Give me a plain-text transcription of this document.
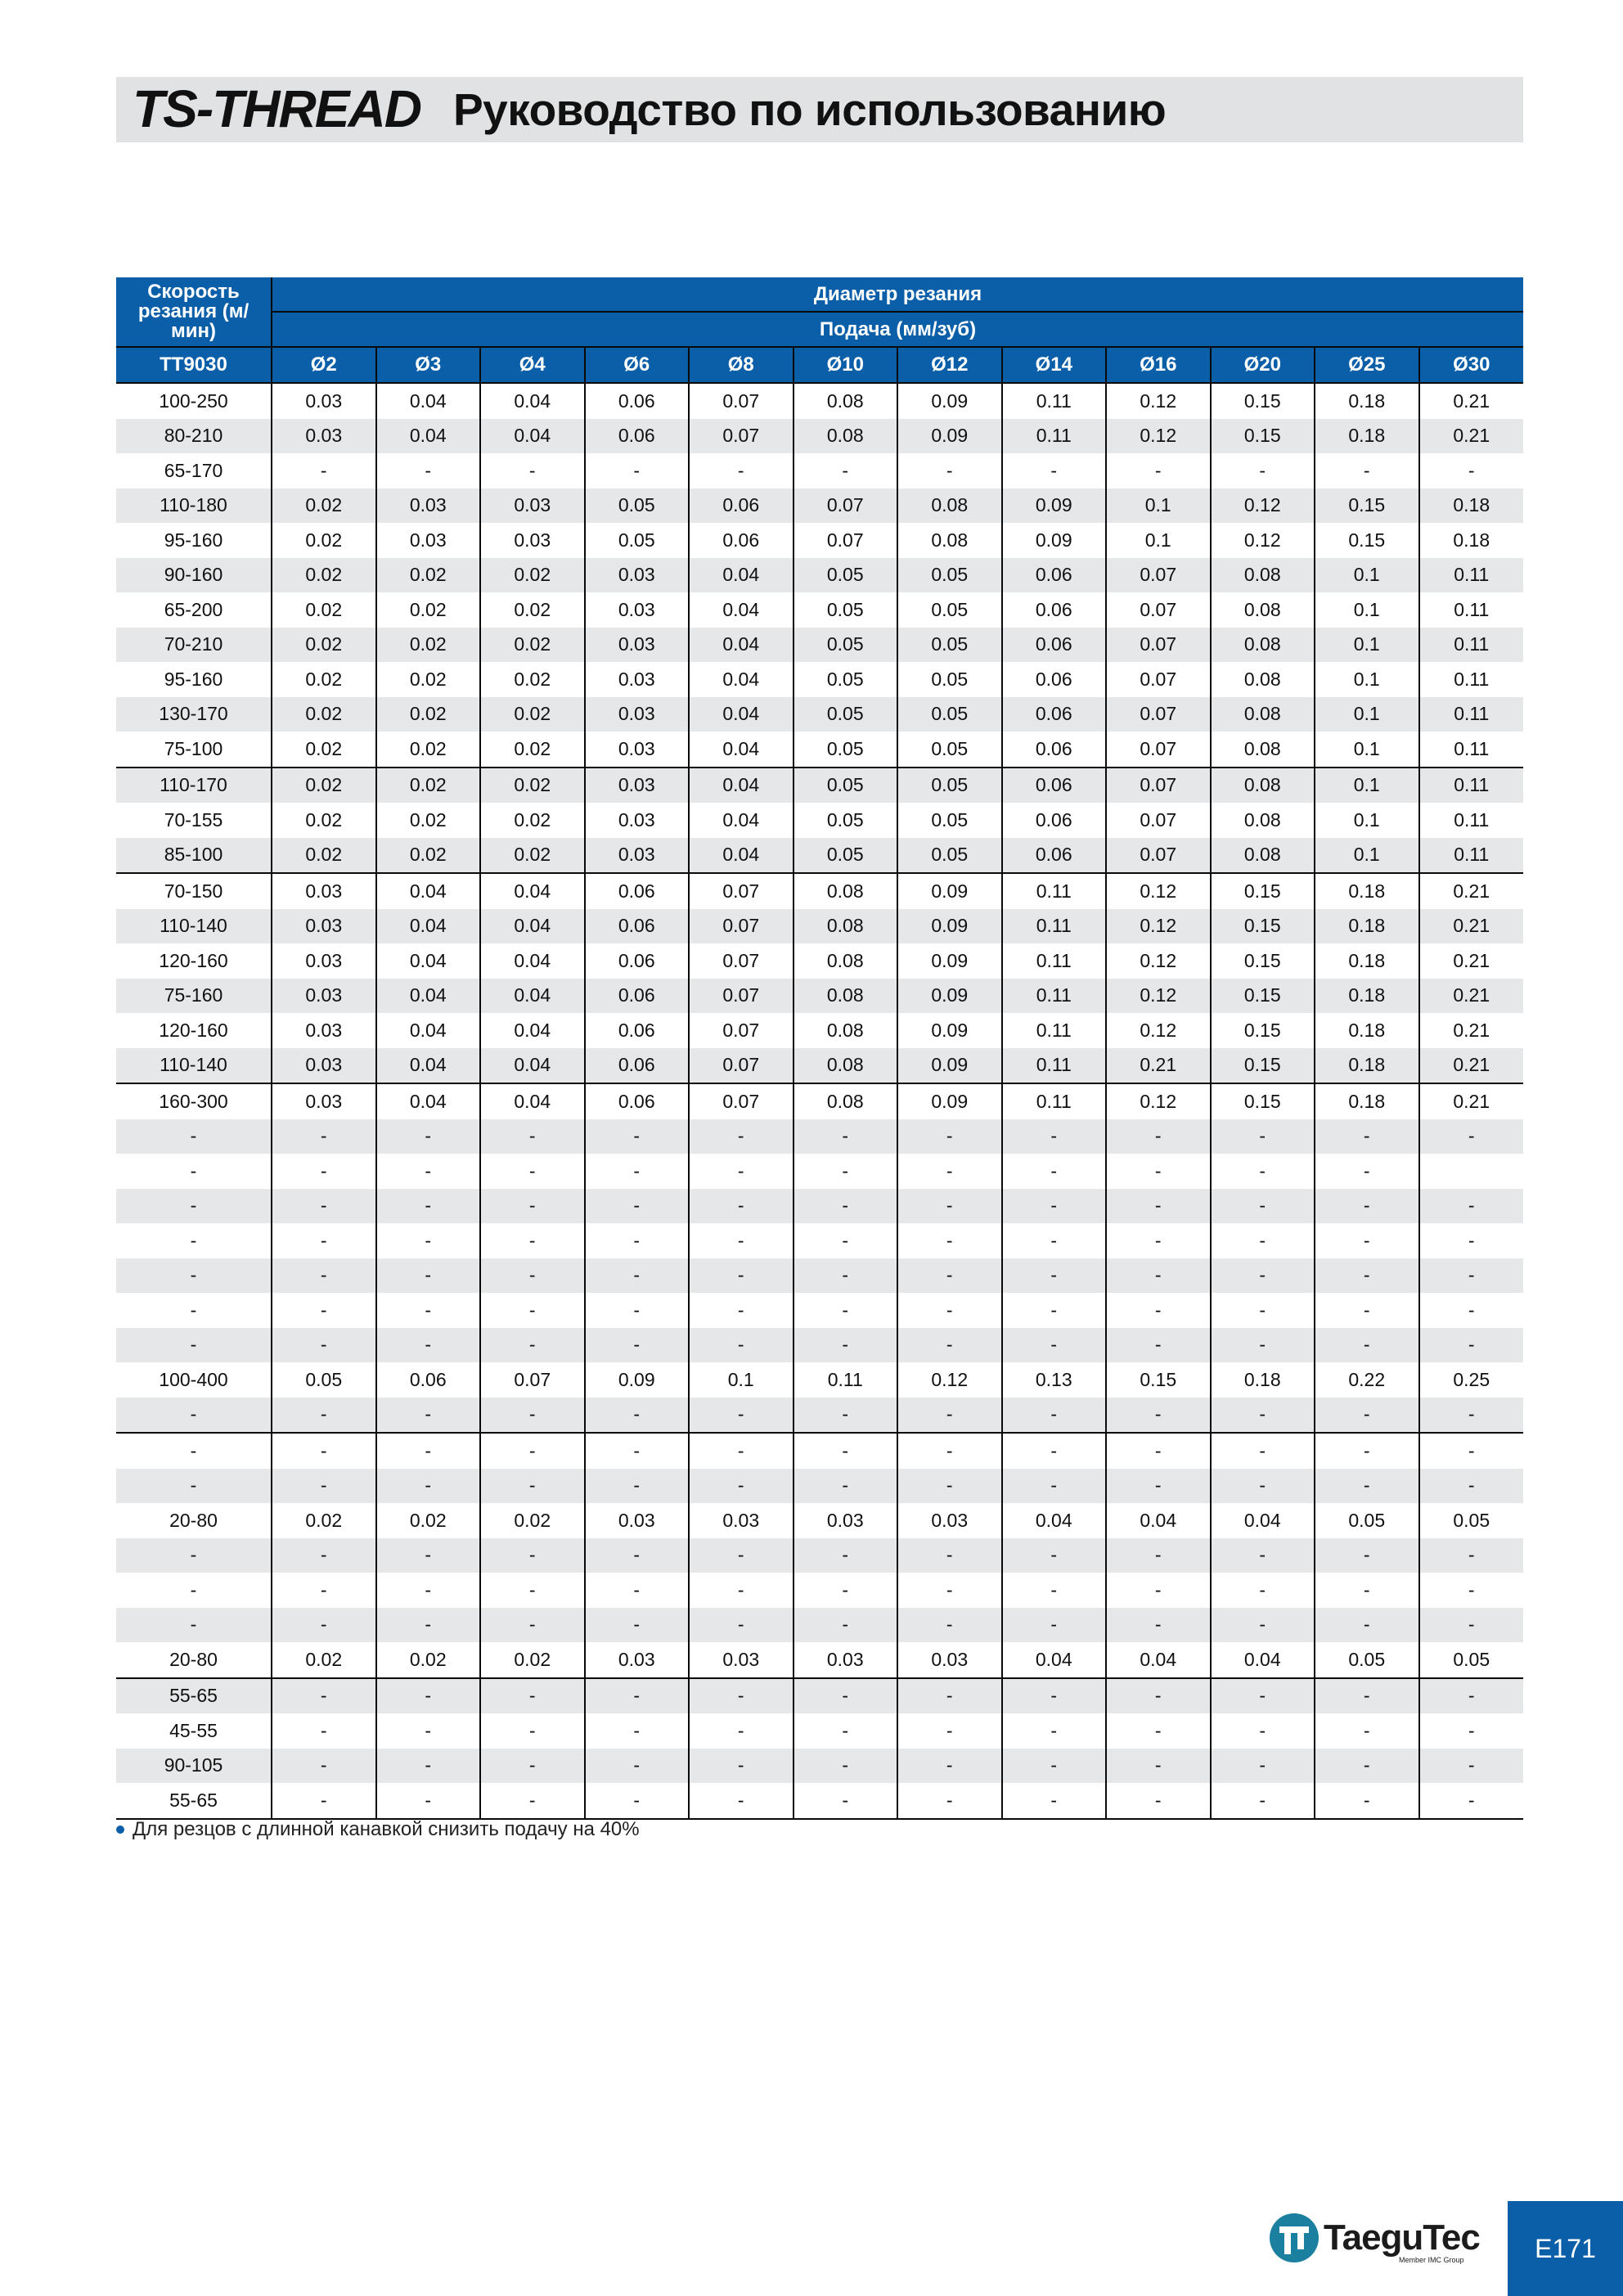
TS-THREAD Руководство по использованию
Скорость резания (м/мин)	Диаметр резания											
	Подача (мм/зуб)											
TT9030	Ø2	Ø3	Ø4	Ø6	Ø8	Ø10	Ø12	Ø14	Ø16	Ø20	Ø25	Ø30
100-250	0.03	0.04	0.04	0.06	0.07	0.08	0.09	0.11	0.12	0.15	0.18	0.21
80-210	0.03	0.04	0.04	0.06	0.07	0.08	0.09	0.11	0.12	0.15	0.18	0.21
65-170	-	-	-	-	-	-	-	-	-	-	-	-
110-180	0.02	0.03	0.03	0.05	0.06	0.07	0.08	0.09	0.1	0.12	0.15	0.18
95-160	0.02	0.03	0.03	0.05	0.06	0.07	0.08	0.09	0.1	0.12	0.15	0.18
90-160	0.02	0.02	0.02	0.03	0.04	0.05	0.05	0.06	0.07	0.08	0.1	0.11
65-200	0.02	0.02	0.02	0.03	0.04	0.05	0.05	0.06	0.07	0.08	0.1	0.11
70-210	0.02	0.02	0.02	0.03	0.04	0.05	0.05	0.06	0.07	0.08	0.1	0.11
95-160	0.02	0.02	0.02	0.03	0.04	0.05	0.05	0.06	0.07	0.08	0.1	0.11
130-170	0.02	0.02	0.02	0.03	0.04	0.05	0.05	0.06	0.07	0.08	0.1	0.11
75-100	0.02	0.02	0.02	0.03	0.04	0.05	0.05	0.06	0.07	0.08	0.1	0.11
110-170	0.02	0.02	0.02	0.03	0.04	0.05	0.05	0.06	0.07	0.08	0.1	0.11
70-155	0.02	0.02	0.02	0.03	0.04	0.05	0.05	0.06	0.07	0.08	0.1	0.11
85-100	0.02	0.02	0.02	0.03	0.04	0.05	0.05	0.06	0.07	0.08	0.1	0.11
70-150	0.03	0.04	0.04	0.06	0.07	0.08	0.09	0.11	0.12	0.15	0.18	0.21
110-140	0.03	0.04	0.04	0.06	0.07	0.08	0.09	0.11	0.12	0.15	0.18	0.21
120-160	0.03	0.04	0.04	0.06	0.07	0.08	0.09	0.11	0.12	0.15	0.18	0.21
75-160	0.03	0.04	0.04	0.06	0.07	0.08	0.09	0.11	0.12	0.15	0.18	0.21
120-160	0.03	0.04	0.04	0.06	0.07	0.08	0.09	0.11	0.12	0.15	0.18	0.21
110-140	0.03	0.04	0.04	0.06	0.07	0.08	0.09	0.11	0.21	0.15	0.18	0.21
160-300	0.03	0.04	0.04	0.06	0.07	0.08	0.09	0.11	0.12	0.15	0.18	0.21
-	-	-	-	-	-	-	-	-	-	-	-	-
-	-	-	-	-	-	-	-	-	-	-	-	
-	-	-	-	-	-	-	-	-	-	-	-	-
-	-	-	-	-	-	-	-	-	-	-	-	-
-	-	-	-	-	-	-	-	-	-	-	-	-
-	-	-	-	-	-	-	-	-	-	-	-	-
-	-	-	-	-	-	-	-	-	-	-	-	-
100-400	0.05	0.06	0.07	0.09	0.1	0.11	0.12	0.13	0.15	0.18	0.22	0.25
-	-	-	-	-	-	-	-	-	-	-	-	-
-	-	-	-	-	-	-	-	-	-	-	-	-
-	-	-	-	-	-	-	-	-	-	-	-	-
20-80	0.02	0.02	0.02	0.03	0.03	0.03	0.03	0.04	0.04	0.04	0.05	0.05
-	-	-	-	-	-	-	-	-	-	-	-	-
-	-	-	-	-	-	-	-	-	-	-	-	-
-	-	-	-	-	-	-	-	-	-	-	-	-
20-80	0.02	0.02	0.02	0.03	0.03	0.03	0.03	0.04	0.04	0.04	0.05	0.05
55-65	-	-	-	-	-	-	-	-	-	-	-	-
45-55	-	-	-	-	-	-	-	-	-	-	-	-
90-105	-	-	-	-	-	-	-	-	-	-	-	-
55-65	-	-	-	-	-	-	-	-	-	-	-	-
Для резцов с длинной канавкой снизить подачу на 40%
TaeguTec
Member IMC Group	E171
